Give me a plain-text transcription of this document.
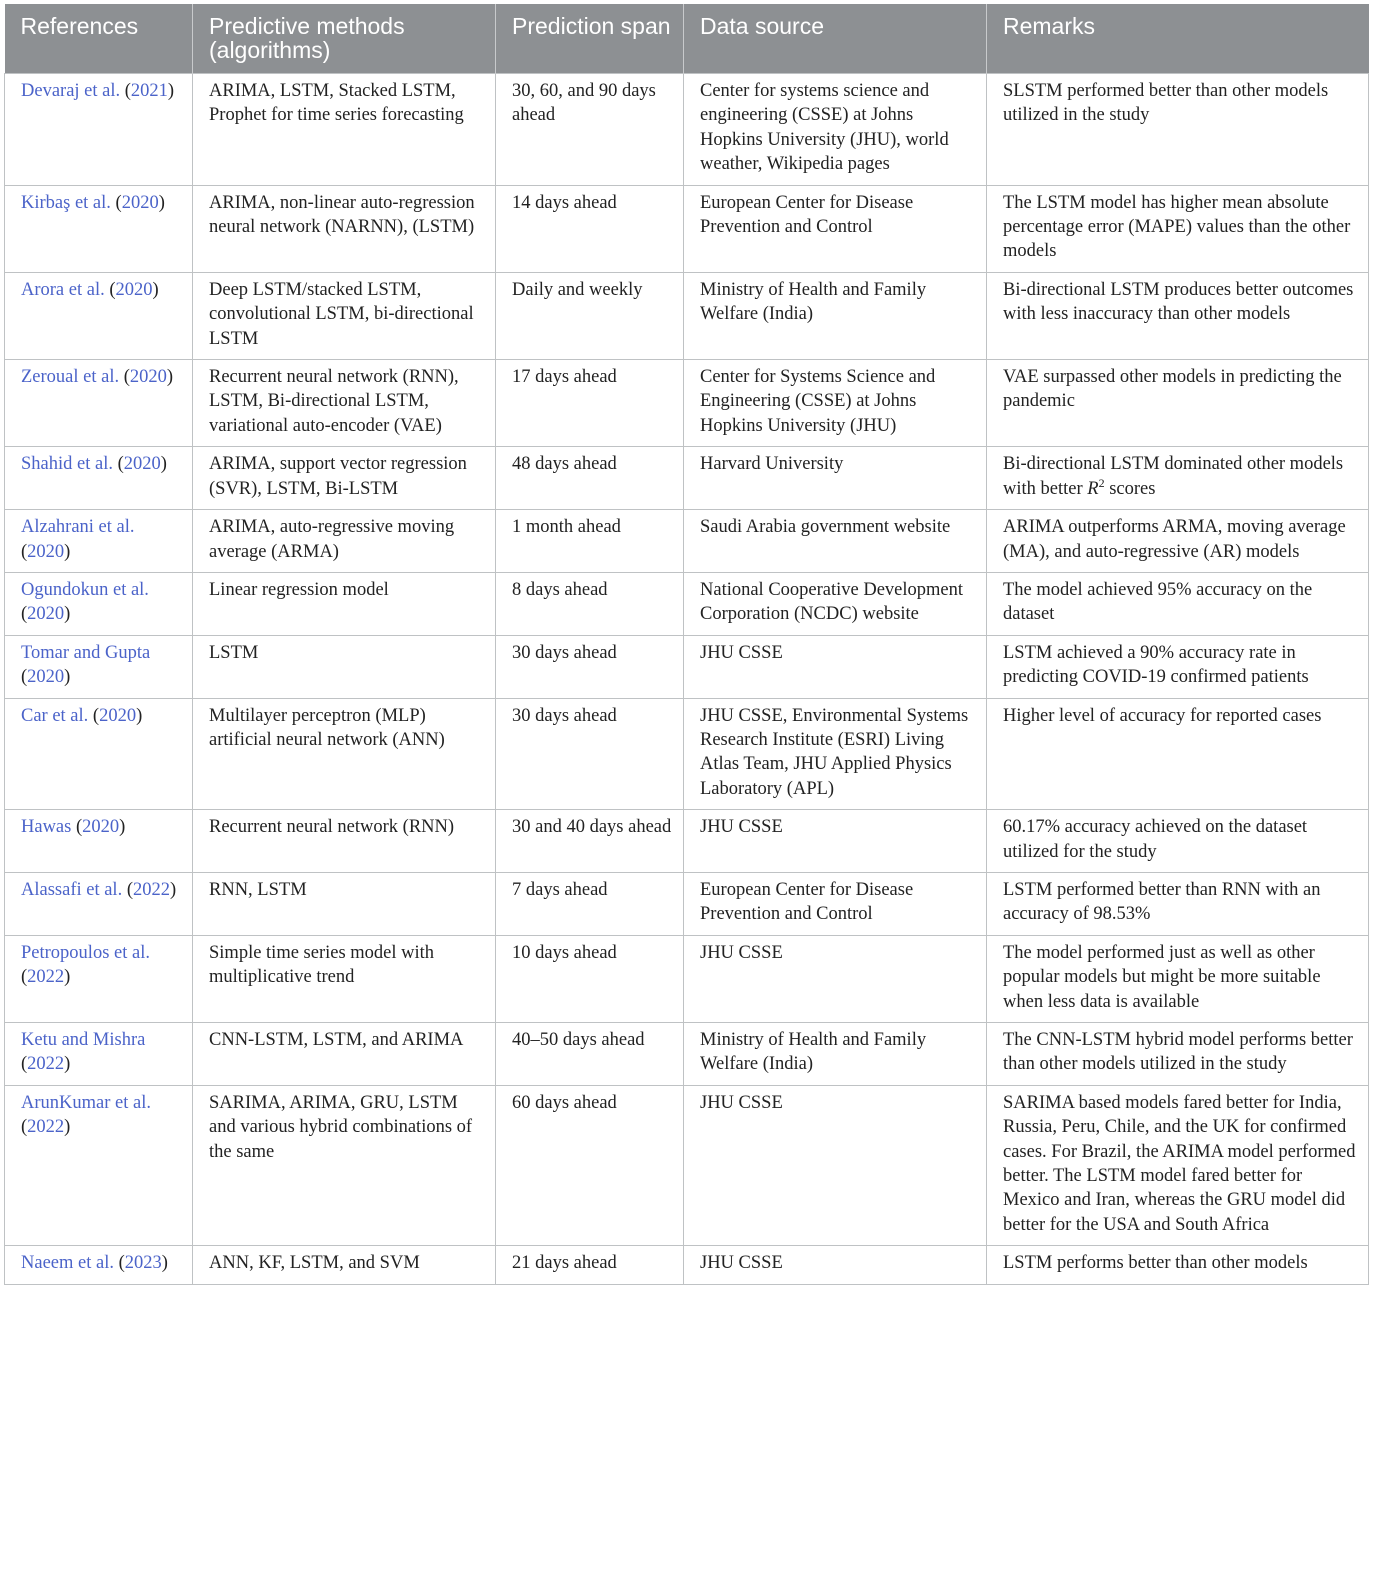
References	Predictive methods (algorithms)	Prediction span	Data source	Remarks
Devaraj et al. (2021)	ARIMA, LSTM, Stacked LSTM, Prophet for time series forecasting	30, 60, and 90 days ahead	Center for systems science and engineering (CSSE) at Johns Hopkins University (JHU), world weather, Wikipedia pages	SLSTM performed better than other models utilized in the study
Kirbaş et al. (2020)	ARIMA, non-linear auto-regression neural network (NARNN), (LSTM)	14 days ahead	European Center for Disease Prevention and Control	The LSTM model has higher mean absolute percentage error (MAPE) values than the other models
Arora et al. (2020)	Deep LSTM/stacked LSTM, convolutional LSTM, bi-directional LSTM	Daily and weekly	Ministry of Health and Family Welfare (India)	Bi-directional LSTM produces better outcomes with less inaccuracy than other models
Zeroual et al. (2020)	Recurrent neural network (RNN), LSTM, Bi-directional LSTM, variational auto-encoder (VAE)	17 days ahead	Center for Systems Science and Engineering (CSSE) at Johns Hopkins University (JHU)	VAE surpassed other models in predicting the pandemic
Shahid et al. (2020)	ARIMA, support vector regression (SVR), LSTM, Bi-LSTM	48 days ahead	Harvard University	Bi-directional LSTM dominated other models with better $R^2$ scores
Alzahrani et al. (2020)	ARIMA, auto-regressive moving average (ARMA)	1 month ahead	Saudi Arabia government website	ARIMA outperforms ARMA, moving average (MA), and auto-regressive (AR) models
Ogundokun et al. (2020)	Linear regression model	8 days ahead	National Cooperative Development Corporation (NCDC) website	The model achieved 95% accuracy on the dataset
Tomar and Gupta (2020)	LSTM	30 days ahead	JHU CSSE	LSTM achieved a 90% accuracy rate in predicting COVID-19 confirmed patients
Car et al. (2020)	Multilayer perceptron (MLP) artificial neural network (ANN)	30 days ahead	JHU CSSE, Environmental Systems Research Institute (ESRI) Living Atlas Team, JHU Applied Physics Laboratory (APL)	Higher level of accuracy for reported cases
Hawas (2020)	Recurrent neural network (RNN)	30 and 40 days ahead	JHU CSSE	60.17% accuracy achieved on the dataset utilized for the study
Alassafi et al. (2022)	RNN, LSTM	7 days ahead	European Center for Disease Prevention and Control	LSTM performed better than RNN with an accuracy of 98.53%
Petropoulos et al. (2022)	Simple time series model with multiplicative trend	10 days ahead	JHU CSSE	The model performed just as well as other popular models but might be more suitable when less data is available
Ketu and Mishra (2022)	CNN-LSTM, LSTM, and ARIMA	40–50 days ahead	Ministry of Health and Family Welfare (India)	The CNN-LSTM hybrid model performs better than other models utilized in the study
ArunKumar et al. (2022)	SARIMA, ARIMA, GRU, LSTM and various hybrid combinations of the same	60 days ahead	JHU CSSE	SARIMA based models fared better for India, Russia, Peru, Chile, and the UK for confirmed cases. For Brazil, the ARIMA model performed better. The LSTM model fared better for Mexico and Iran, whereas the GRU model did better for the USA and South Africa
Naeem et al. (2023)	ANN, KF, LSTM, and SVM	21 days ahead	JHU CSSE	LSTM performs better than other models
